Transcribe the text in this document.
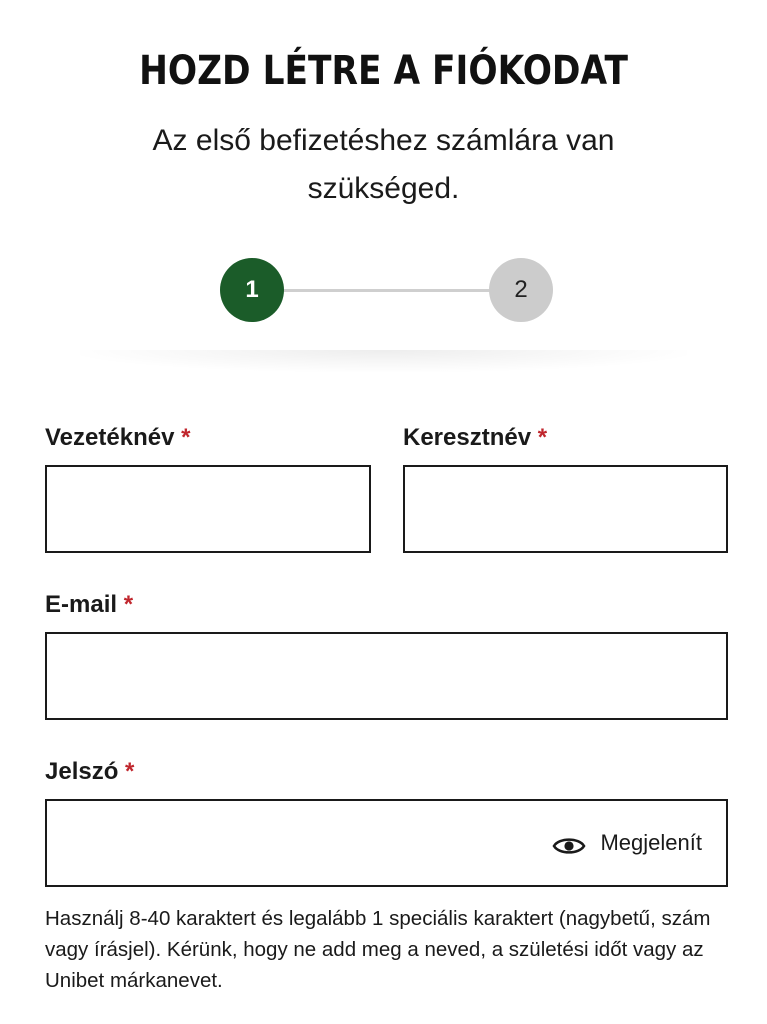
HOZD LÉTRE A FIÓKODAT

Az első befizetéshez számlára van szükséged.

1	2
Vezetéknév *	Keresztnév *
E-mail *
Jelszó *
Megjelenít

Használj 8-40 karaktert és legalább 1 speciális karaktert (nagybetű, szám vagy írásjel). Kérünk, hogy ne add meg a neved, a születési időt vagy az Unibet márkanevet.
